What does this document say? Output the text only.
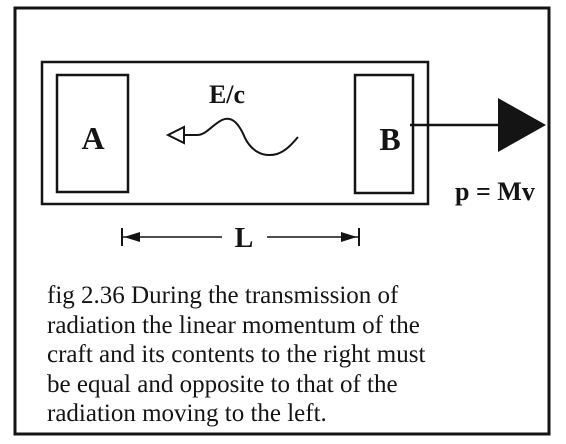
A	B
E/c
p = Mv
L

fig 2.36 During the transmission of
radiation the linear momentum of the
craft and its contents to the right must
be equal and opposite to that of the
radiation moving to the left.
